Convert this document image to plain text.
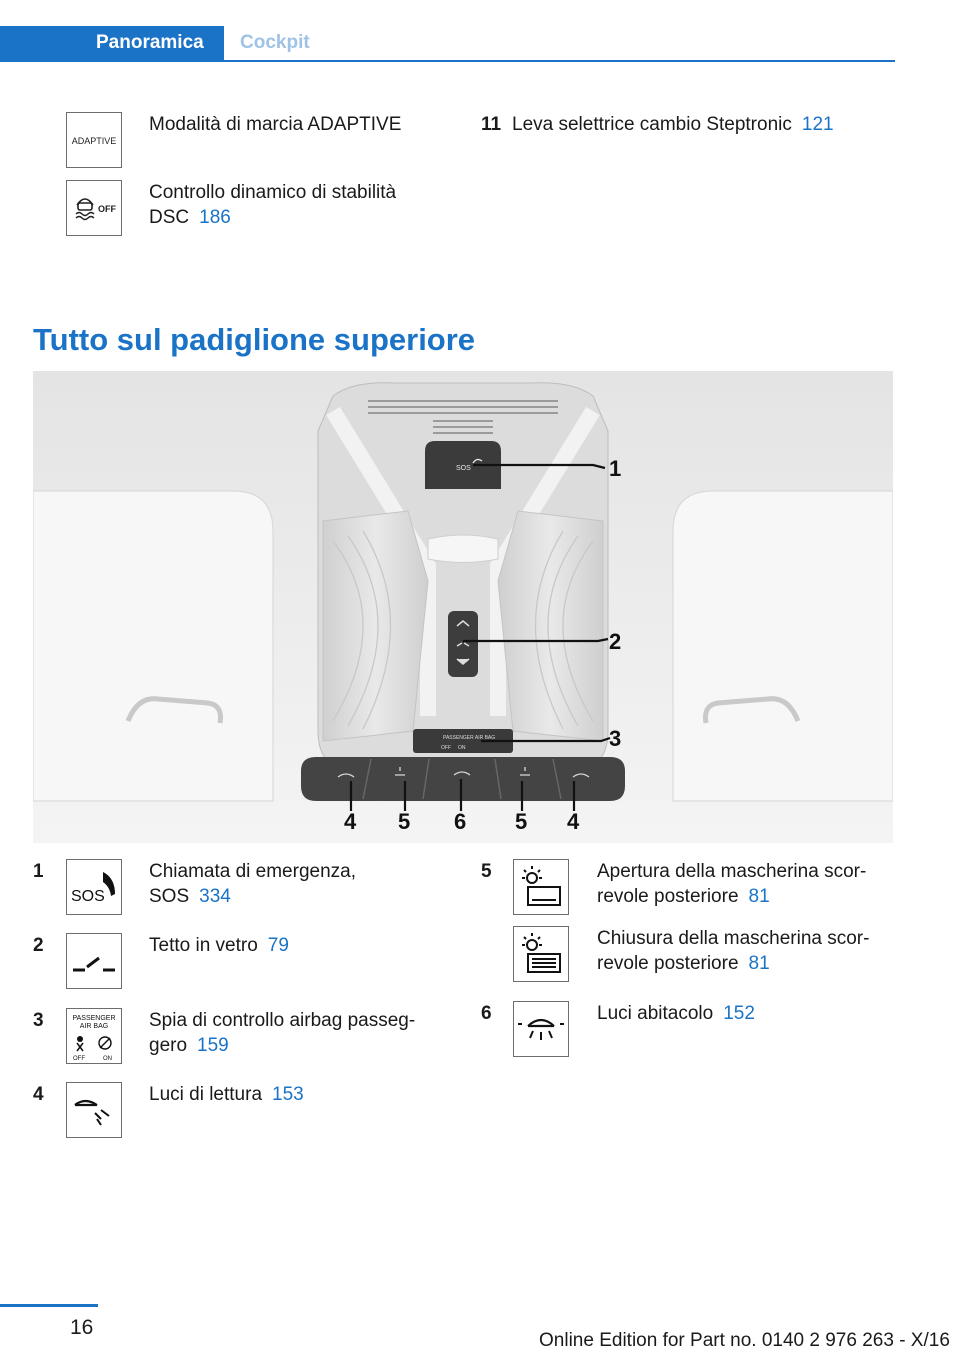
Panoramica	Cockpit
ADAPTIVE
Modalità di marcia ADAPTIVE
OFF
Controllo dinamico di stabilità
DSC 186
11 Leva selettrice cambio Steptronic 121
Tutto sul padiglione superiore
SOS
PASSENGER AIR BAG
OFF ON
1
2
3
4 5 6 5 4
1
SOS
Chiamata di emergenza,
SOS 334
2	Tetto in vetro 79
3	PASSENGER
AIR BAG
OFF	ON
Spia di controllo airbag passeg-
gero 159
4	Luci di lettura 153
5	Apertura della mascherina scor-
revole posteriore 81
Chiusura della mascherina scor-
revole posteriore 81
6	Luci abitacolo 152
16
Online Edition for Part no. 0140 2 976 263 - X/16
